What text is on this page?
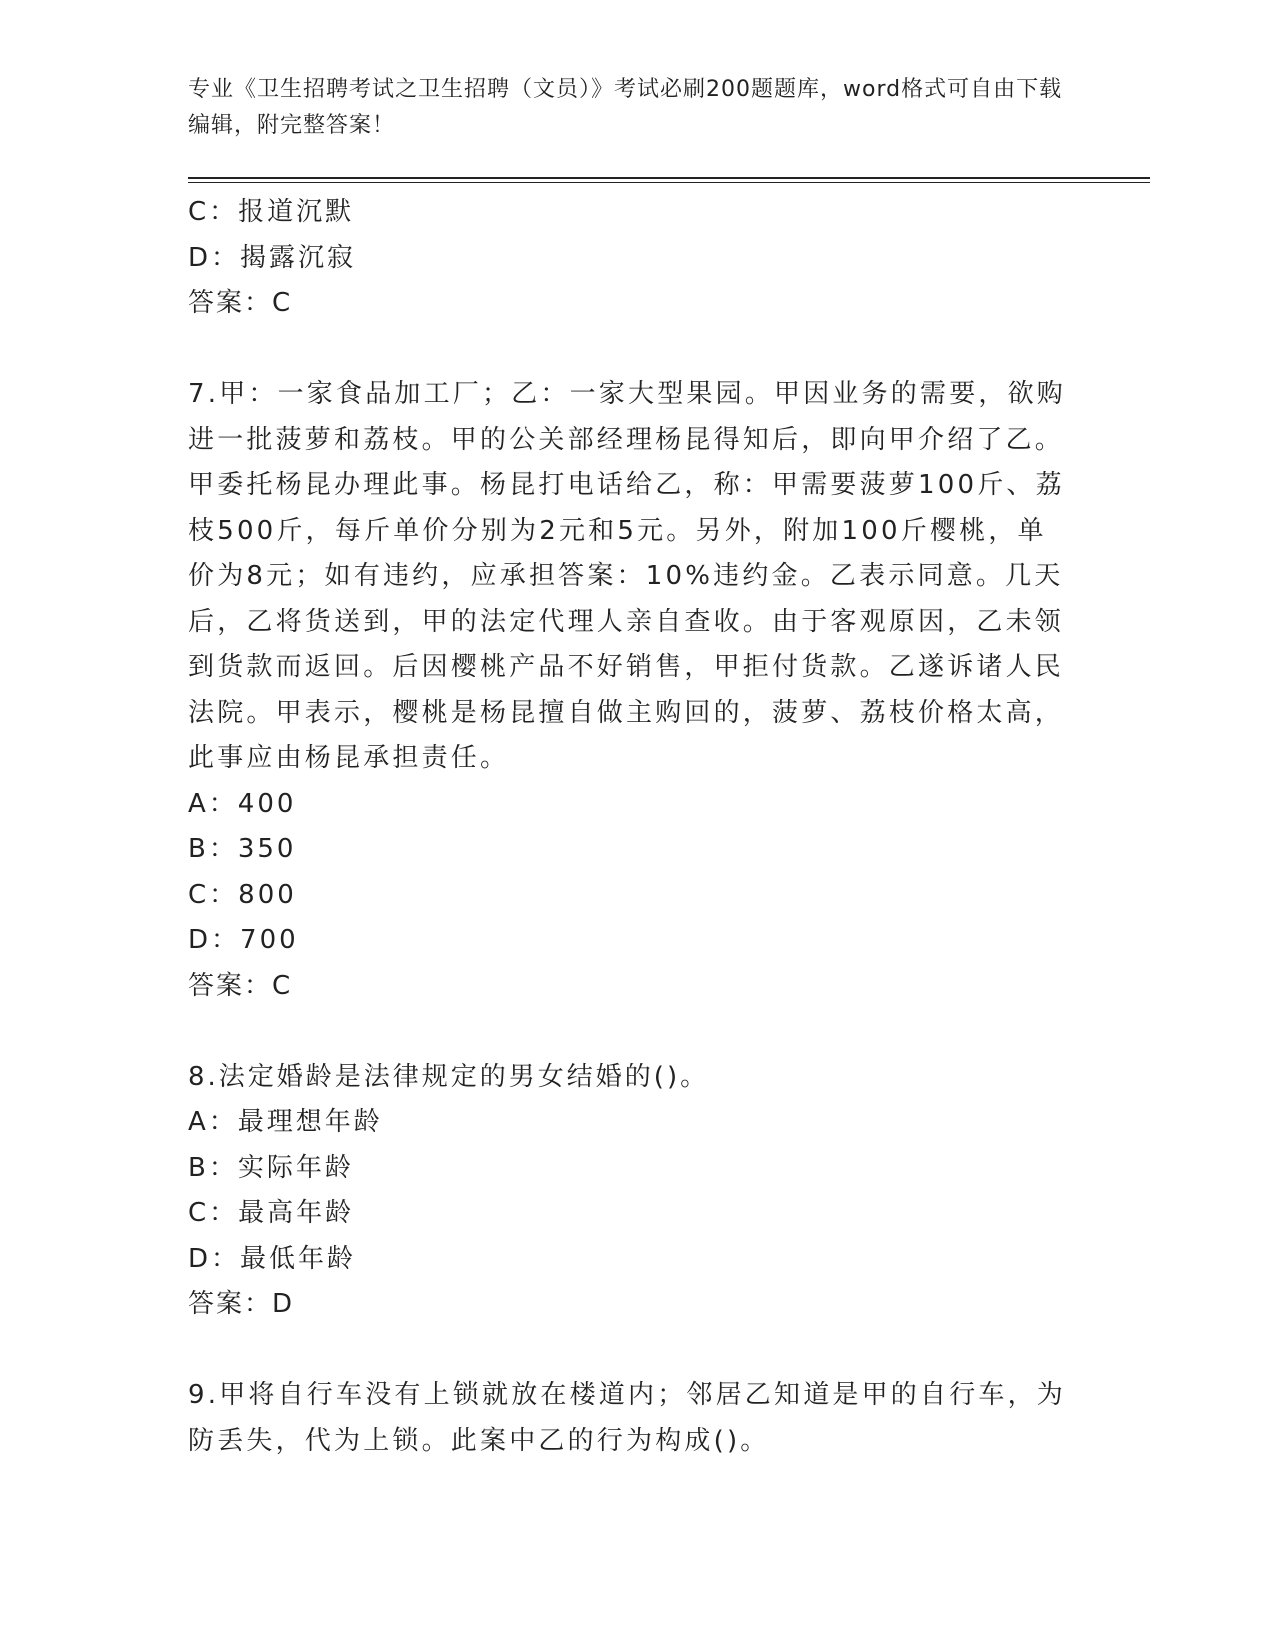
专业《卫生招聘考试之卫生招聘（文员）》考试必刷200题题库，word格式可自由下载编辑，附完整答案！
C：报道沉默
D：揭露沉寂
答案：C
7.甲：一家食品加工厂；乙：一家大型果园。甲因业务的需要，欲购进一批菠萝和荔枝。甲的公关部经理杨昆得知后，即向甲介绍了乙。甲委托杨昆办理此事。杨昆打电话给乙，称：甲需要菠萝100斤、荔枝500斤，每斤单价分别为2元和5元。另外，附加100斤樱桃，单价为8元；如有违约，应承担答案：10%违约金。乙表示同意。几天后，乙将货送到，甲的法定代理人亲自查收。由于客观原因，乙未领到货款而返回。后因樱桃产品不好销售，甲拒付货款。乙遂诉诸人民法院。甲表示，樱桃是杨昆擅自做主购回的，菠萝、荔枝价格太高，此事应由杨昆承担责任。
A：400
B：350
C：800
D：700
答案：C
8.法定婚龄是法律规定的男女结婚的()。
A：最理想年龄
B：实际年龄
C：最高年龄
D：最低年龄
答案：D
9.甲将自行车没有上锁就放在楼道内；邻居乙知道是甲的自行车，为防丢失，代为上锁。此案中乙的行为构成()。
